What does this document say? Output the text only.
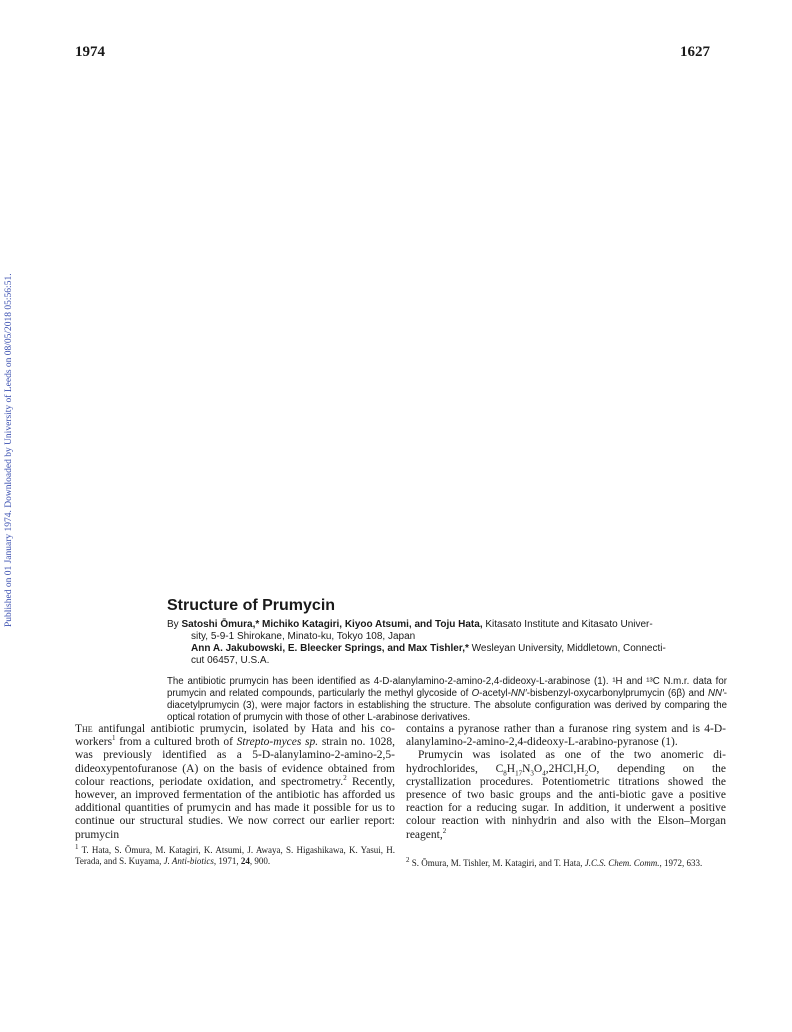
1974	1627
Published on 01 January 1974. Downloaded by University of Leeds on 08/05/2018 05:56:51.	Structure of Prumycin
By Satoshi Ōmura,* Michiko Katagiri, Kiyoo Atsumi, and Toju Hata, Kitasato Institute and Kitasato Univer-
sity, 5-9-1 Shirokane, Minato-ku, Tokyo 108, Japan
Ann A. Jakubowski, E. Bleecker Springs, and Max Tishler,* Wesleyan University, Middletown, Connecti-
cut 06457, U.S.A.
The antibiotic prumycin has been identified as 4-D-alanylamino-2-amino-2,4-dideoxy-L-arabinose (1). ¹H and ¹³C N.m.r. data for prumycin and related compounds, particularly the methyl glycoside of O-acetyl-NN′-bisbenzyl-oxycarbonylprumycin (6β) and NN′-diacetylprumycin (3), were major factors in establishing the structure. The absolute configuration was derived by comparing the optical rotation of prumycin with those of other L-arabinose derivatives.

The antifungal antibiotic prumycin, isolated by Hata and his co-workers$^1$ from a cultured broth of Strepto-myces sp. strain no. 1028, was previously identified as a 5-D-alanylamino-2-amino-2,5-dideoxypentofuranose (A) on the basis of evidence obtained from colour reactions, periodate oxidation, and spectrometry.$^2$ Recently, however, an improved fermentation of the antibiotic has afforded us additional quantities of prumycin and has made it possible for us to continue our structural studies. We now correct our earlier report: prumycin

$^1$ T. Hata, S. Ōmura, M. Katagiri, K. Atsumi, J. Awaya, S. Higashikawa, K. Yasui, H. Terada, and S. Kuyama, J. Anti-biotics, 1971, 24, 900.

contains a pyranose rather than a furanose ring system and is 4-D-alanylamino-2-amino-2,4-dideoxy-L-arabino-pyranose (1).

Prumycin was isolated as one of the two anomeric di-hydrochlorides, $C_8H_{17}N_3O_4,2HCl,H_2O$, depending on the crystallization procedures. Potentiometric titrations showed the presence of two basic groups and the anti-biotic gave a positive reaction for a reducing sugar. In addition, it underwent a positive colour reaction with ninhydrin and also with the Elson–Morgan reagent,$^2$

$^2$ S. Ōmura, M. Tishler, M. Katagiri, and T. Hata, J.C.S. Chem. Comm., 1972, 633.
